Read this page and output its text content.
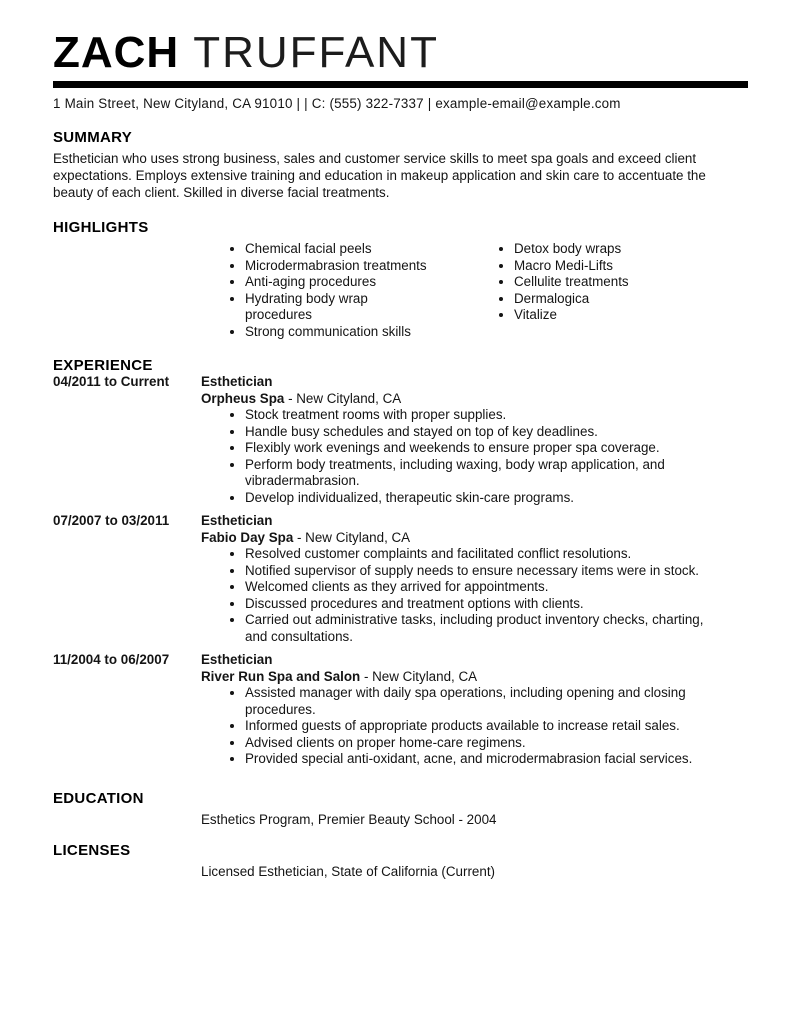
ZACH TRUFFANT
1 Main Street, New Cityland, CA 91010 | | C: (555) 322-7337 | example-email@example.com
SUMMARY
Esthetician who uses strong business, sales and customer service skills to meet spa goals and exceed client expectations. Employs extensive training and education in makeup application and skin care to accentuate the beauty of each client. Skilled in diverse facial treatments.
HIGHLIGHTS
• Chemical facial peels
• Microdermabrasion treatments
• Anti-aging procedures
• Hydrating body wrap procedures
• Strong communication skills
• Detox body wraps
• Macro Medi-Lifts
• Cellulite treatments
• Dermalogica
• Vitalize
EXPERIENCE
04/2011 to Current	Esthetician
Orpheus Spa - New Cityland, CA
• Stock treatment rooms with proper supplies.
• Handle busy schedules and stayed on top of key deadlines.
• Flexibly work evenings and weekends to ensure proper spa coverage.
• Perform body treatments, including waxing, body wrap application, and vibradermabrasion.
• Develop individualized, therapeutic skin-care programs.
07/2007 to 03/2011	Esthetician
Fabio Day Spa - New Cityland, CA
• Resolved customer complaints and facilitated conflict resolutions.
• Notified supervisor of supply needs to ensure necessary items were in stock.
• Welcomed clients as they arrived for appointments.
• Discussed procedures and treatment options with clients.
• Carried out administrative tasks, including product inventory checks, charting, and consultations.
11/2004 to 06/2007	Esthetician
River Run Spa and Salon - New Cityland, CA
• Assisted manager with daily spa operations, including opening and closing procedures.
• Informed guests of appropriate products available to increase retail sales.
• Advised clients on proper home-care regimens.
• Provided special anti-oxidant, acne, and microdermabrasion facial services.
EDUCATION
Esthetics Program, Premier Beauty School - 2004
LICENSES
Licensed Esthetician, State of California (Current)
